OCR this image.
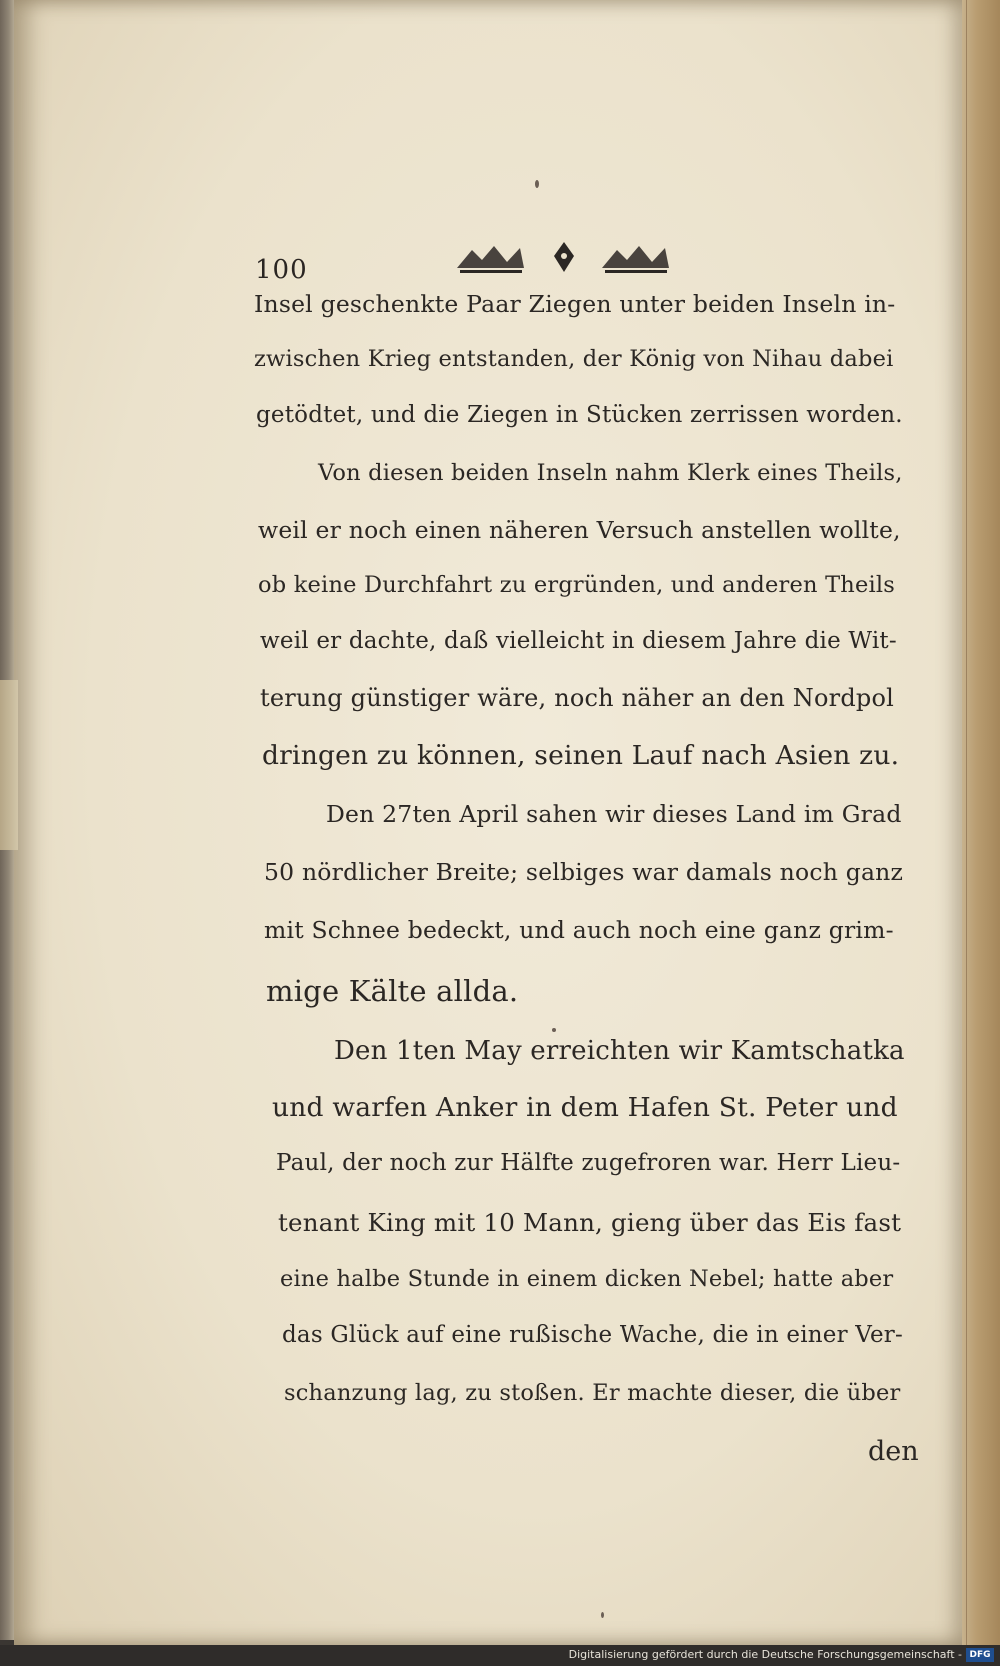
100
Insel geschenkte Paar Ziegen unter beiden Inseln in-
zwischen Krieg entstanden, der König von Nihau dabei
getödtet, und die Ziegen in Stücken zerrissen worden.
Von diesen beiden Inseln nahm Klerk eines Theils,
weil er noch einen näheren Versuch anstellen wollte,
ob keine Durchfahrt zu ergründen, und anderen Theils
weil er dachte, daß vielleicht in diesem Jahre die Wit-
terung günstiger wäre, noch näher an den Nordpol
dringen zu können, seinen Lauf nach Asien zu.
Den 27ten April sahen wir dieses Land im Grad
50 nördlicher Breite; selbiges war damals noch ganz
mit Schnee bedeckt, und auch noch eine ganz grim-
mige Kälte allda.
Den 1ten May erreichten wir Kamtschatka
und warfen Anker in dem Hafen St. Peter und
Paul, der noch zur Hälfte zugefroren war. Herr Lieu-
tenant King mit 10 Mann, gieng über das Eis fast
eine halbe Stunde in einem dicken Nebel; hatte aber
das Glück auf eine rußische Wache, die in einer Ver-
schanzung lag, zu stoßen. Er machte dieser, die über
den
Digitalisierung gefördert durch die Deutsche Forschungsgemeinschaft - DFG
